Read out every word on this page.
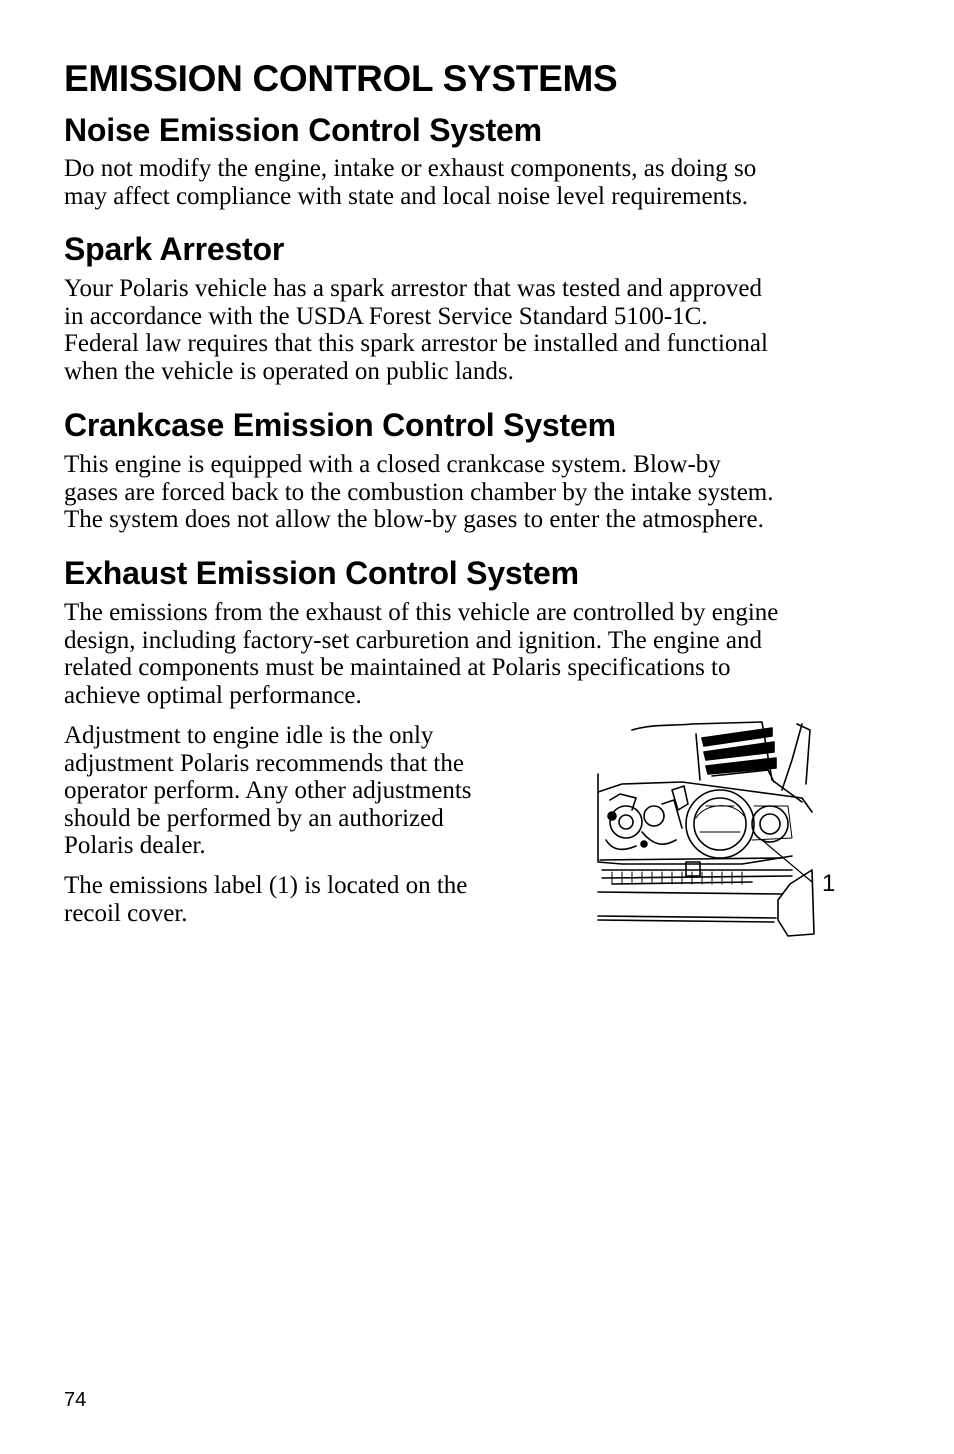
EMISSION CONTROL SYSTEMS
Noise Emission Control System

Do not modify the engine, intake or exhaust components, as doing so
may affect compliance with state and local noise level requirements.

Spark Arrestor

Your Polaris vehicle has a spark arrestor that was tested and approved
in accordance with the USDA Forest Service Standard 5100-1C.
Federal law requires that this spark arrestor be installed and functional
when the vehicle is operated on public lands.

Crankcase Emission Control System

This engine is equipped with a closed crankcase system. Blow-by
gases are forced back to the combustion chamber by the intake system.
The system does not allow the blow-by gases to enter the atmosphere.

Exhaust Emission Control System

The emissions from the exhaust of this vehicle are controlled by engine
design, including factory-set carburetion and ignition. The engine and
related components must be maintained at Polaris specifications to
achieve optimal performance.

Adjustment to engine idle is the only
adjustment Polaris recommends that the
operator perform. Any other adjustments
should be performed by an authorized
Polaris dealer.

The emissions label (1) is located on the
recoil cover.

1
74
